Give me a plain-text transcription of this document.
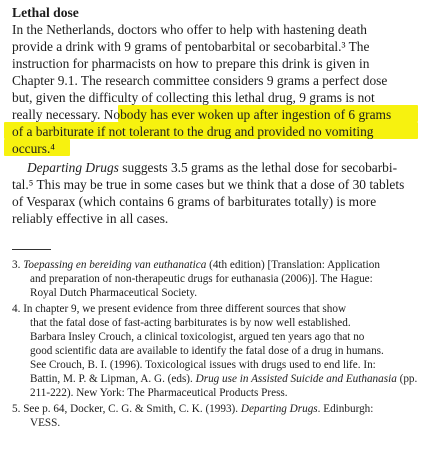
Lethal dose
In the Netherlands, doctors who offer to help with hastening death
provide a drink with 9 grams of pentobarbital or secobarbital.³ The
instruction for pharmacists on how to prepare this drink is given in
Chapter 9.1. The research committee considers 9 grams a perfect dose
but, given the difficulty of collecting this lethal drug, 9 grams is not
really necessary. Nobody has ever woken up after ingestion of 6 grams
of a barbiturate if not tolerant to the drug and provided no vomiting
occurs.⁴
Departing Drugs suggests 3.5 grams as the lethal dose for secobarbi-
tal.⁵ This may be true in some cases but we think that a dose of 30 tablets
of Vesparax (which contains 6 grams of barbiturates totally) is more
reliably effective in all cases.
3. Toepassing en bereiding van euthanatica (4th edition) [Translation: Application
and preparation of non-therapeutic drugs for euthanasia (2006)]. The Hague:
Royal Dutch Pharmaceutical Society.
4. In chapter 9, we present evidence from three different sources that show
that the fatal dose of fast-acting barbiturates is by now well established.
Barbara Insley Crouch, a clinical toxicologist, argued ten years ago that no
good scientific data are available to identify the fatal dose of a drug in humans.
See Crouch, B. I. (1996). Toxicological issues with drugs used to end life. In:
Battin, M. P. & Lipman, A. G. (eds). Drug use in Assisted Suicide and Euthanasia (pp.
211-222). New York: The Pharmaceutical Products Press.
5. See p. 64, Docker, C. G. & Smith, C. K. (1993). Departing Drugs. Edinburgh:
VESS.
